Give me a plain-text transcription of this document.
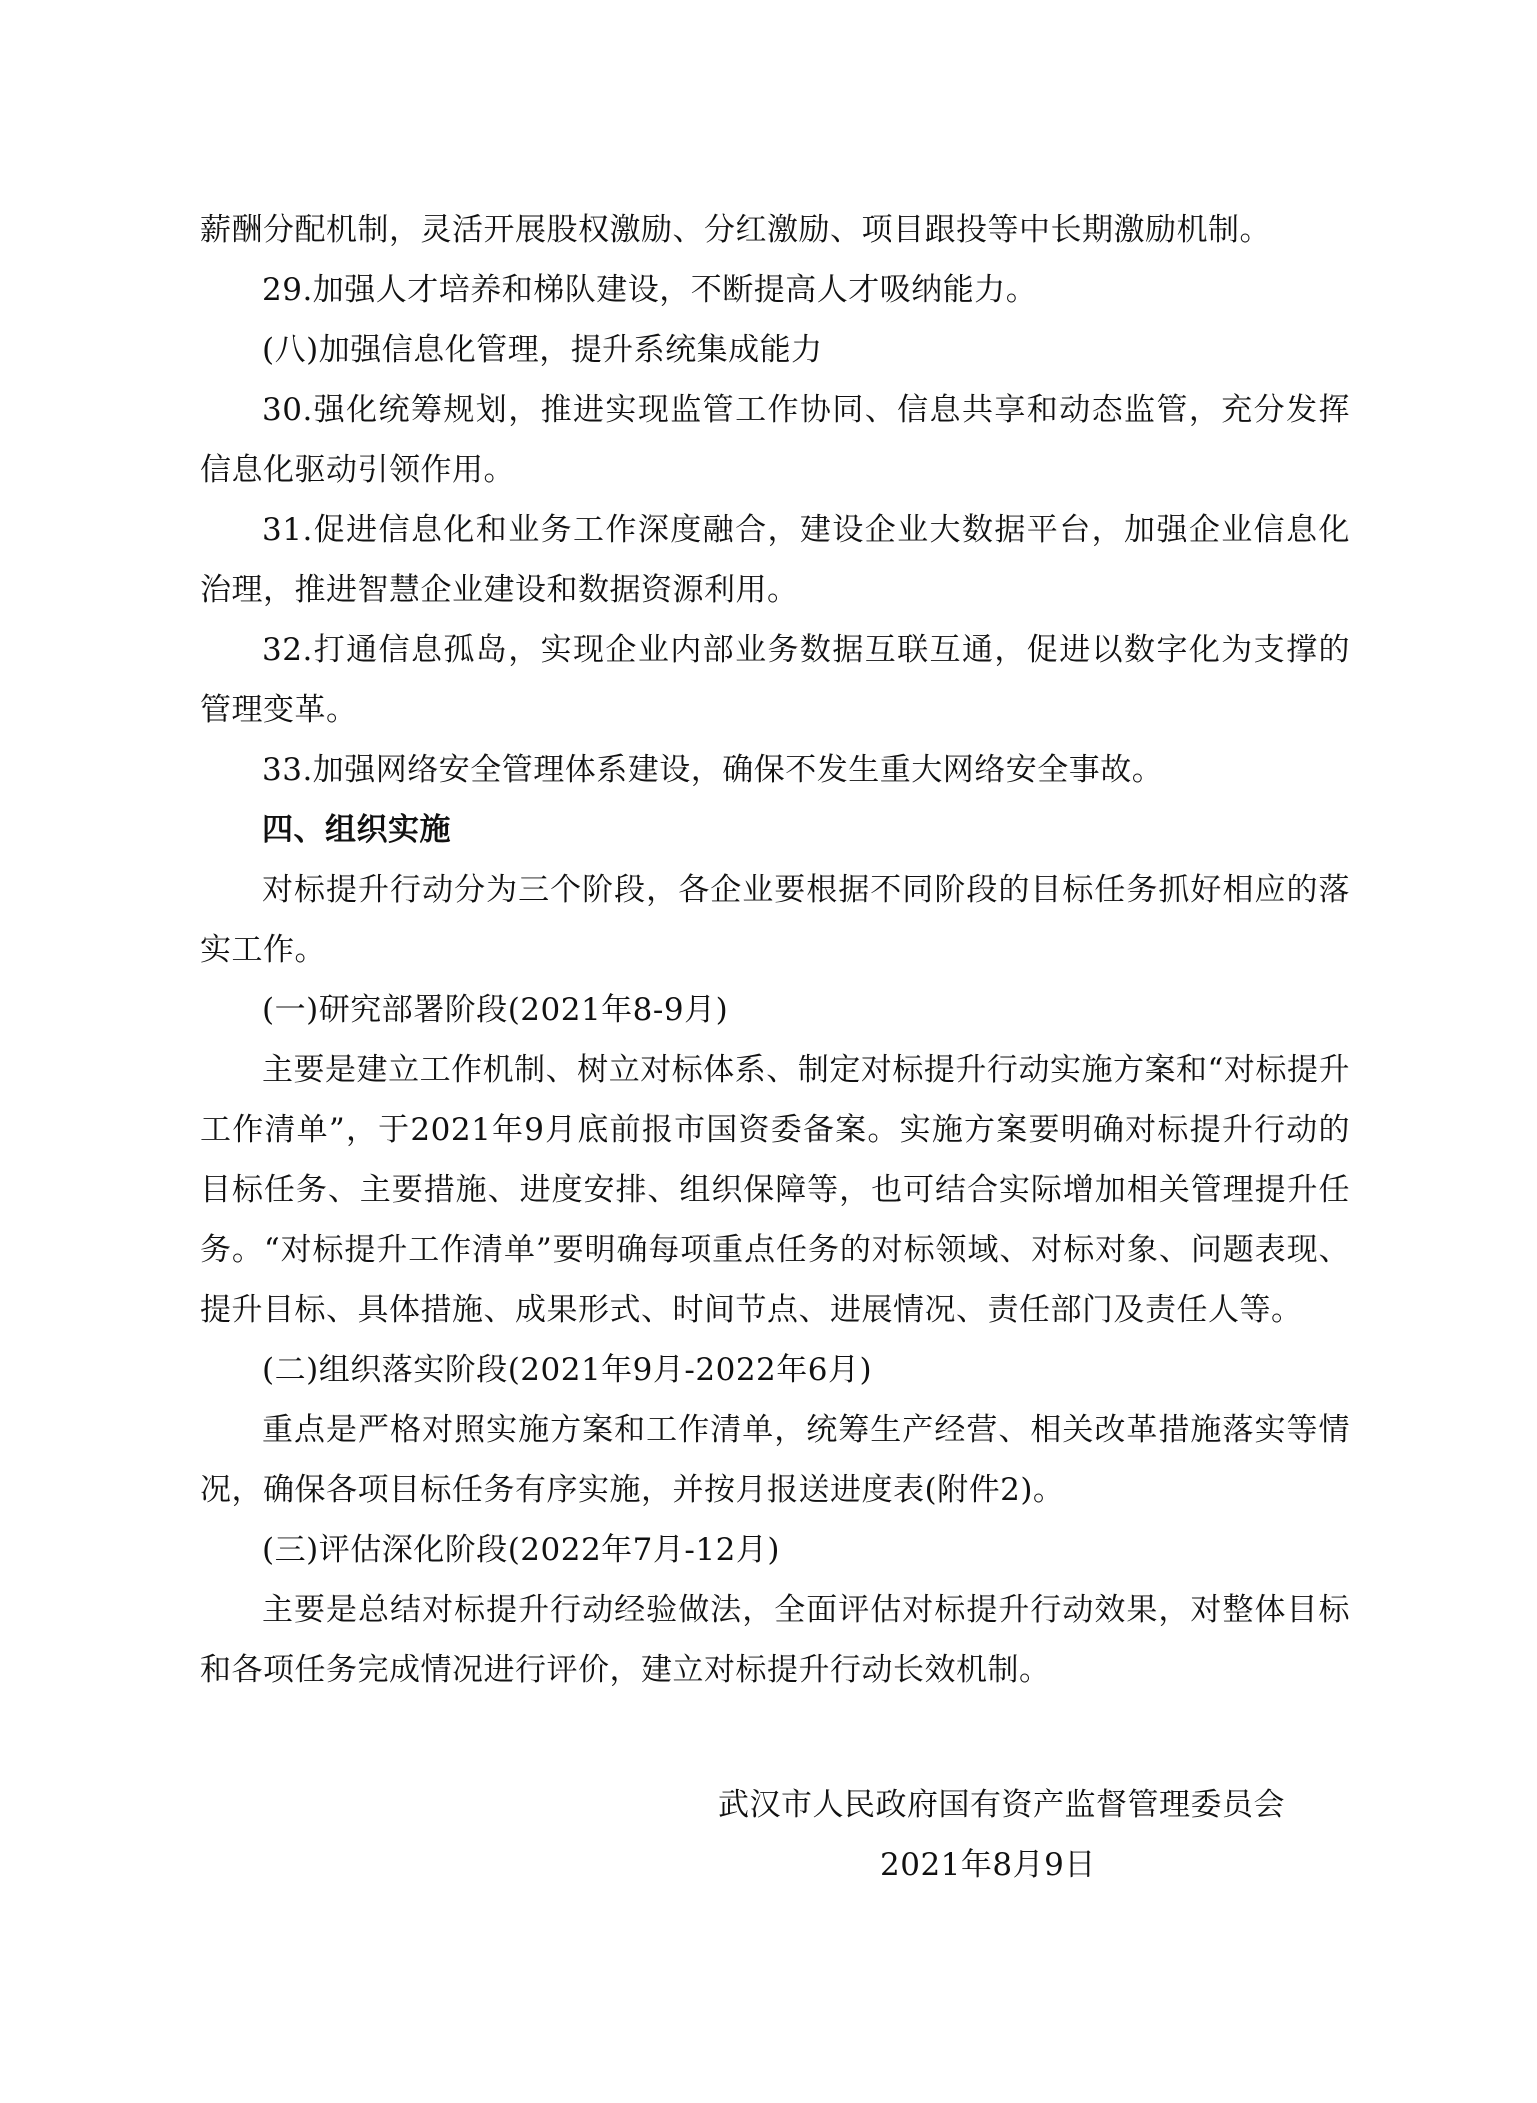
薪酬分配机制，灵活开展股权激励、分红激励、项目跟投等中长期激励机制。

29.加强人才培养和梯队建设，不断提高人才吸纳能力。

(八)加强信息化管理，提升系统集成能力

30.强化统筹规划，推进实现监管工作协同、信息共享和动态监管，充分发挥信息化驱动引领作用。

31.促进信息化和业务工作深度融合，建设企业大数据平台，加强企业信息化治理，推进智慧企业建设和数据资源利用。

32.打通信息孤岛，实现企业内部业务数据互联互通，促进以数字化为支撑的管理变革。

33.加强网络安全管理体系建设，确保不发生重大网络安全事故。

四、组织实施

对标提升行动分为三个阶段，各企业要根据不同阶段的目标任务抓好相应的落实工作。

(一)研究部署阶段(2021年8-9月)

主要是建立工作机制、树立对标体系、制定对标提升行动实施方案和“对标提升工作清单”，于2021年9月底前报市国资委备案。实施方案要明确对标提升行动的目标任务、主要措施、进度安排、组织保障等，也可结合实际增加相关管理提升任务。“对标提升工作清单”要明确每项重点任务的对标领域、对标对象、问题表现、提升目标、具体措施、成果形式、时间节点、进展情况、责任部门及责任人等。

(二)组织落实阶段(2021年9月-2022年6月)

重点是严格对照实施方案和工作清单，统筹生产经营、相关改革措施落实等情况，确保各项目标任务有序实施，并按月报送进度表(附件2)。

(三)评估深化阶段(2022年7月-12月)

主要是总结对标提升行动经验做法，全面评估对标提升行动效果，对整体目标和各项任务完成情况进行评价，建立对标提升行动长效机制。

武汉市人民政府国有资产监督管理委员会
2021年8月9日
